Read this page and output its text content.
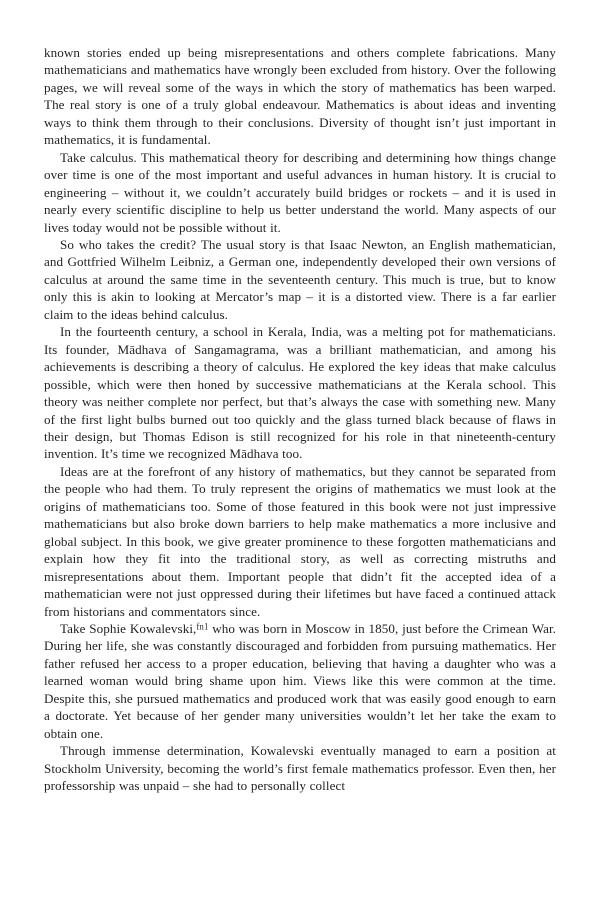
known stories ended up being misrepresentations and others complete fabrications. Many mathematicians and mathematics have wrongly been excluded from history. Over the following pages, we will reveal some of the ways in which the story of mathematics has been warped. The real story is one of a truly global endeavour. Mathematics is about ideas and inventing ways to think them through to their conclusions. Diversity of thought isn’t just important in mathematics, it is fundamental.

Take calculus. This mathematical theory for describing and determining how things change over time is one of the most important and useful advances in human history. It is crucial to engineering – without it, we couldn’t accurately build bridges or rockets – and it is used in nearly every scientific discipline to help us better understand the world. Many aspects of our lives today would not be possible without it.

So who takes the credit? The usual story is that Isaac Newton, an English mathematician, and Gottfried Wilhelm Leibniz, a German one, independently developed their own versions of calculus at around the same time in the seventeenth century. This much is true, but to know only this is akin to looking at Mercator’s map – it is a distorted view. There is a far earlier claim to the ideas behind calculus.

In the fourteenth century, a school in Kerala, India, was a melting pot for mathematicians. Its founder, Mādhava of Sangamagrama, was a brilliant mathematician, and among his achievements is describing a theory of calculus. He explored the key ideas that make calculus possible, which were then honed by successive mathematicians at the Kerala school. This theory was neither complete nor perfect, but that’s always the case with something new. Many of the first light bulbs burned out too quickly and the glass turned black because of flaws in their design, but Thomas Edison is still recognized for his role in that nineteenth-century invention. It’s time we recognized Mādhava too.

Ideas are at the forefront of any history of mathematics, but they cannot be separated from the people who had them. To truly represent the origins of mathematics we must look at the origins of mathematicians too. Some of those featured in this book were not just impressive mathematicians but also broke down barriers to help make mathematics a more inclusive and global subject. In this book, we give greater prominence to these forgotten mathematicians and explain how they fit into the traditional story, as well as correcting mistruths and misrepresentations about them. Important people that didn’t fit the accepted idea of a mathematician were not just oppressed during their lifetimes but have faced a continued attack from historians and commentators since.

Take Sophie Kowalevski,$^{fn1}$ who was born in Moscow in 1850, just before the Crimean War. During her life, she was constantly discouraged and forbidden from pursuing mathematics. Her father refused her access to a proper education, believing that having a daughter who was a learned woman would bring shame upon him. Views like this were common at the time. Despite this, she pursued mathematics and produced work that was easily good enough to earn a doctorate. Yet because of her gender many universities wouldn’t let her take the exam to obtain one.

Through immense determination, Kowalevski eventually managed to earn a position at Stockholm University, becoming the world’s first female mathematics professor. Even then, her professorship was unpaid – she had to personally collect
